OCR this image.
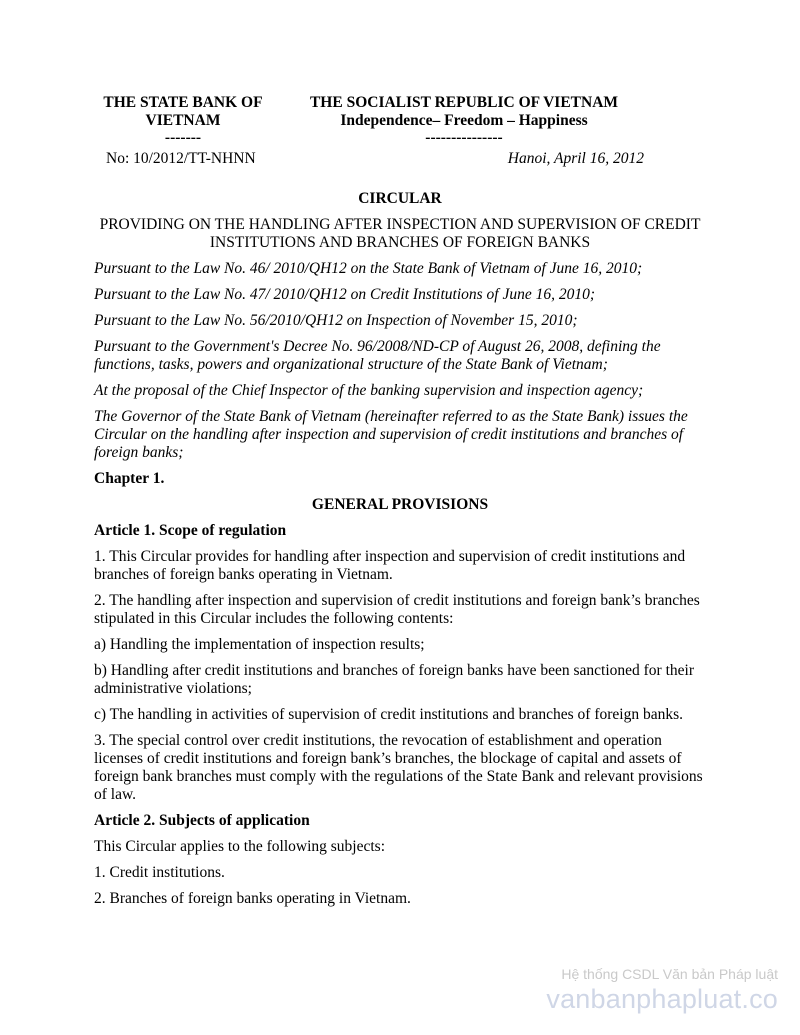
THE STATE BANK OF
VIETNAM
-------
THE SOCIALIST REPUBLIC OF VIETNAM
Independence– Freedom – Happiness
---------------
No: 10/2012/TT-NHNN	Hanoi, April 16, 2012
CIRCULAR
PROVIDING ON THE HANDLING AFTER INSPECTION AND SUPERVISION OF CREDIT
INSTITUTIONS AND BRANCHES OF FOREIGN BANKS

Pursuant to the Law No. 46/ 2010/QH12 on the State Bank of Vietnam of June 16, 2010;

Pursuant to the Law No. 47/ 2010/QH12 on Credit Institutions of June 16, 2010;

Pursuant to the Law No. 56/2010/QH12 on Inspection of November 15, 2010;

Pursuant to the Government's Decree No. 96/2008/ND-CP of August 26, 2008, defining the functions, tasks, powers and organizational structure of the State Bank of Vietnam;

At the proposal of the Chief Inspector of the banking supervision and inspection agency;

The Governor of the State Bank of Vietnam (hereinafter referred to as the State Bank) issues the Circular on the handling after inspection and supervision of credit institutions and branches of foreign banks;

Chapter 1.

GENERAL PROVISIONS

Article 1. Scope of regulation

1. This Circular provides for handling after inspection and supervision of credit institutions and branches of foreign banks operating in Vietnam.

2. The handling after inspection and supervision of credit institutions and foreign bank’s branches stipulated in this Circular includes the following contents:

a) Handling the implementation of inspection results;

b) Handling after credit institutions and branches of foreign banks have been sanctioned for their administrative violations;

c) The handling in activities of supervision of credit institutions and branches of foreign banks.

3. The special control over credit institutions, the revocation of establishment and operation licenses of credit institutions and foreign bank’s branches, the blockage of capital and assets of foreign bank branches must comply with the regulations of the State Bank and relevant provisions of law.

Article 2. Subjects of application

This Circular applies to the following subjects:

1. Credit institutions.

2. Branches of foreign banks operating in Vietnam.

Hệ thống CSDL Văn bản Pháp luật
vanbanphapluat.co
